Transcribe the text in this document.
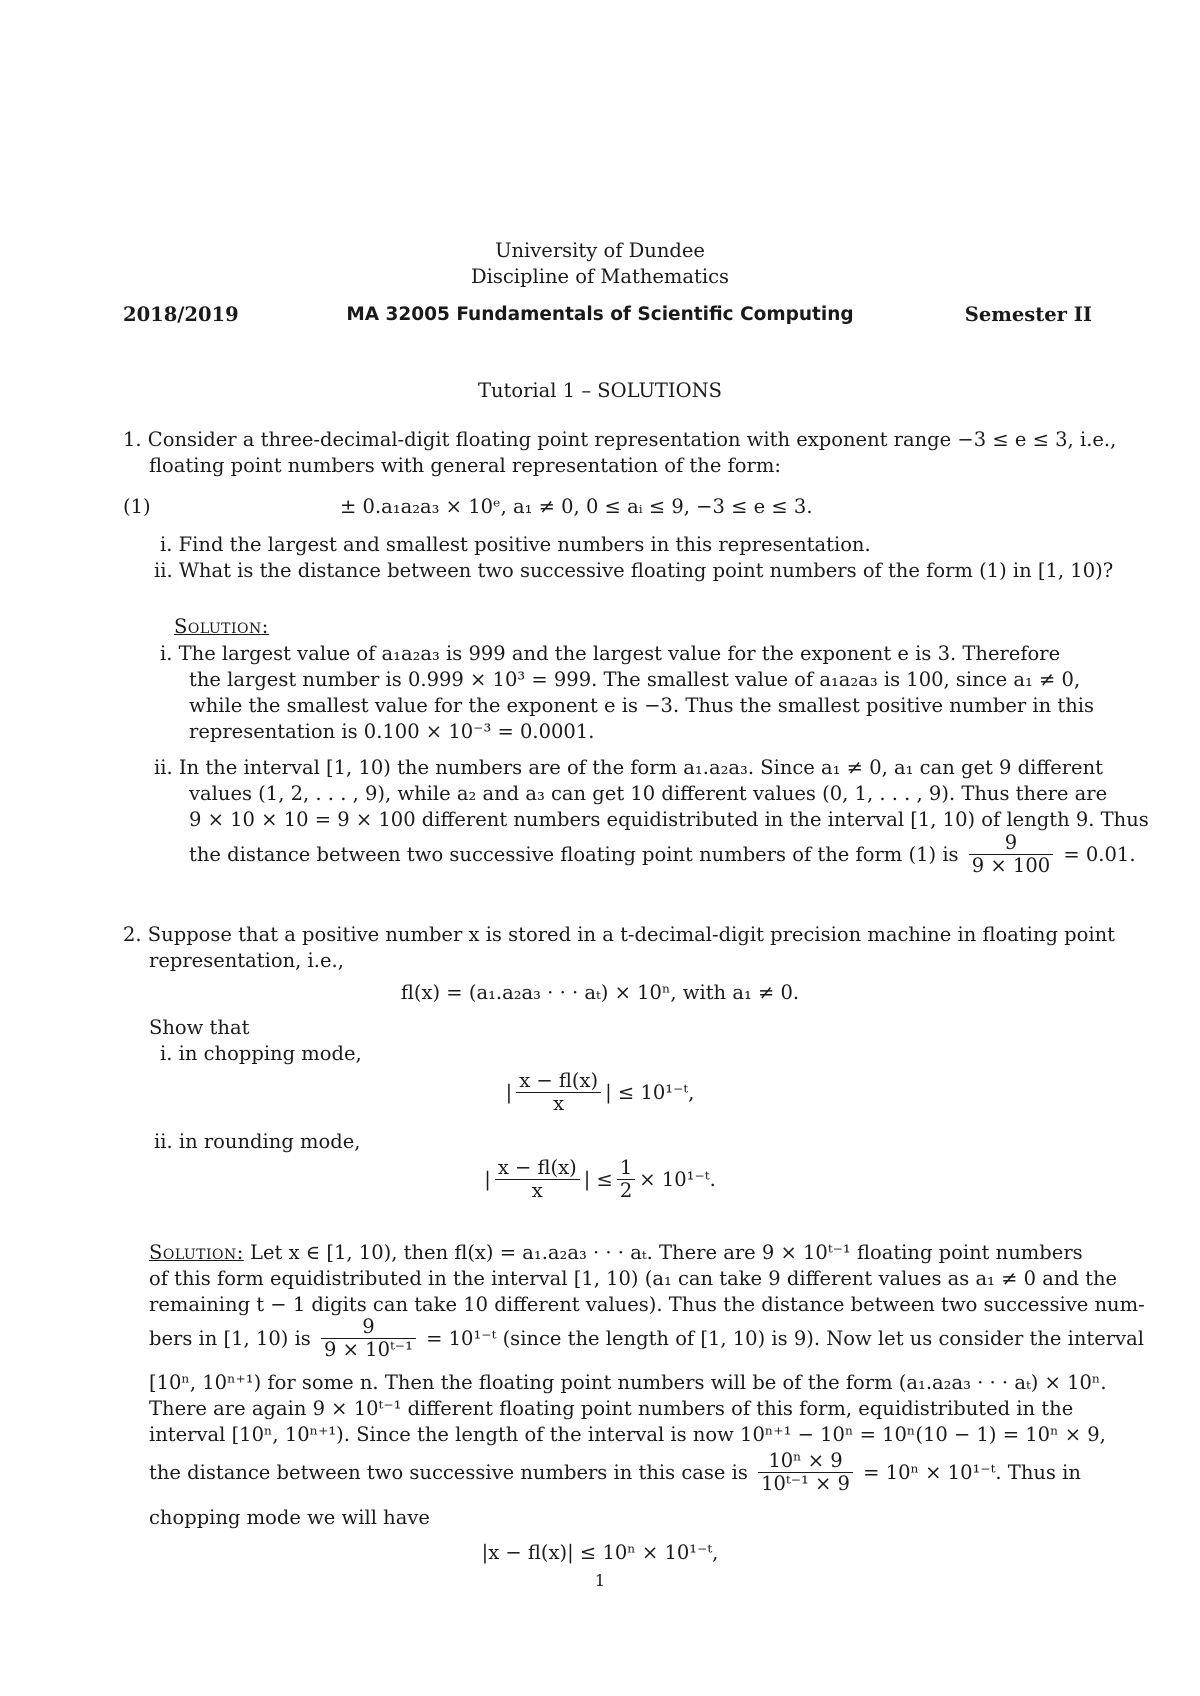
University of Dundee
Discipline of Mathematics
2018/2019	MA 32005 Fundamentals of Scientific Computing	Semester II
Tutorial 1 – SOLUTIONS
1. Consider a three-decimal-digit floating point representation with exponent range −3 ≤ e ≤ 3, i.e.,
floating point numbers with general representation of the form:
(1)	± 0.a₁a₂a₃ × 10ᵉ, a₁ ≠ 0, 0 ≤ aᵢ ≤ 9, −3 ≤ e ≤ 3.
i. Find the largest and smallest positive numbers in this representation.
ii. What is the distance between two successive floating point numbers of the form (1) in [1, 10)?
Solution:
i. The largest value of a₁a₂a₃ is 999 and the largest value for the exponent e is 3. Therefore
the largest number is 0.999 × 10³ = 999. The smallest value of a₁a₂a₃ is 100, since a₁ ≠ 0,
while the smallest value for the exponent e is −3. Thus the smallest positive number in this
representation is 0.100 × 10⁻³ = 0.0001.
ii. In the interval [1, 10) the numbers are of the form a₁.a₂a₃. Since a₁ ≠ 0, a₁ can get 9 different
values (1, 2, . . . , 9), while a₂ and a₃ can get 10 different values (0, 1, . . . , 9). Thus there are
9 × 10 × 10 = 9 × 100 different numbers equidistributed in the interval [1, 10) of length 9. Thus
the distance between two successive floating point numbers of the form (1) is $\frac{9}{9 \times 100} = 0.01$.
2. Suppose that a positive number x is stored in a t-decimal-digit precision machine in floating point
representation, i.e.,
fl(x) = (a₁.a₂a₃ · · · aₜ) × 10ⁿ, with a₁ ≠ 0.
Show that
i. in chopping mode,
| $\frac{x - fl(x)}{x}$ | ≤ 10¹⁻ᵗ,
ii. in rounding mode,
| $\frac{x - fl(x)}{x}$ | ≤ $\frac{1}{2}$ × 10¹⁻ᵗ.
Solution: Let x ∈ [1, 10), then fl(x) = a₁.a₂a₃ · · · aₜ. There are 9 × 10ᵗ⁻¹ floating point numbers
of this form equidistributed in the interval [1, 10) (a₁ can take 9 different values as a₁ ≠ 0 and the
remaining t − 1 digits can take 10 different values). Thus the distance between two successive num-
bers in [1, 10) is $\frac{9}{\text{9 × 10ᵗ⁻¹}}$ = 10¹⁻ᵗ (since the length of [1, 10) is 9). Now let us consider the interval
[10ⁿ, 10ⁿ⁺¹) for some n. Then the floating point numbers will be of the form (a₁.a₂a₃ · · · aₜ) × 10ⁿ.
There are again 9 × 10ᵗ⁻¹ different floating point numbers of this form, equidistributed in the
interval [10ⁿ, 10ⁿ⁺¹). Since the length of the interval is now 10ⁿ⁺¹ − 10ⁿ = 10ⁿ(10 − 1) = 10ⁿ × 9,
the distance between two successive numbers in this case is $\frac{\text{10ⁿ × 9}}{\text{10ᵗ⁻¹ × 9}} = 10^n$ × 10¹⁻ᵗ. Thus in
chopping mode we will have
|x − fl(x)| ≤ 10ⁿ × 10¹⁻ᵗ,
1
